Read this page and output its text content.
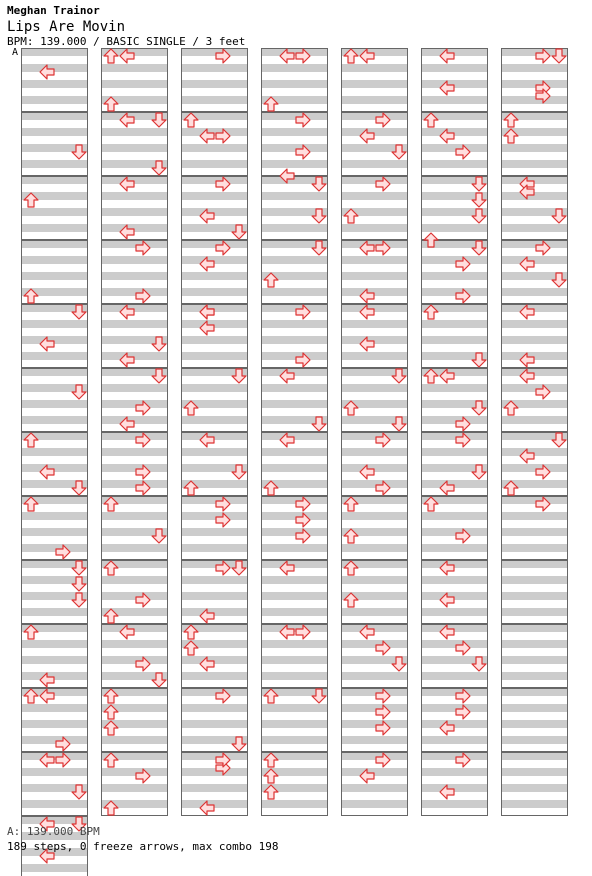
Meghan Trainor
Lips Are Movin
BPM: 139.000 / BASIC SINGLE / 3 feet
A
A: 139.000 BPM
189 steps, 0 freeze arrows, max combo 198
